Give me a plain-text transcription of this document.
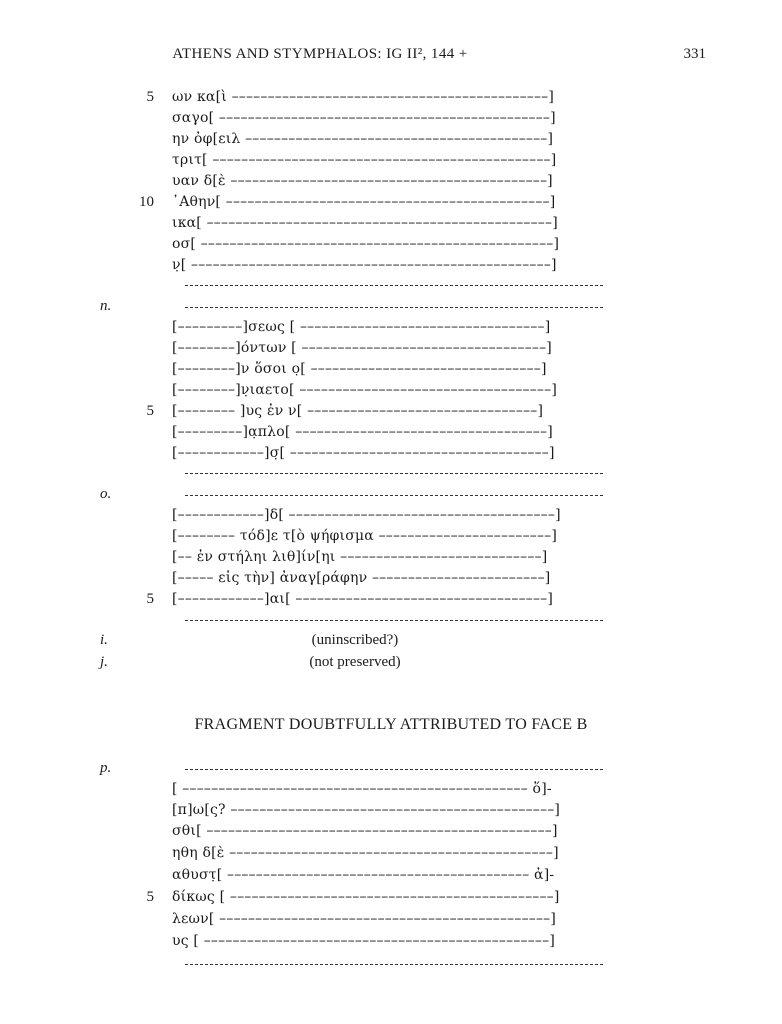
ATHENS AND STYMPHALOS: IG II², 144 +	331
5 ων κα[ὶ ––––––––––––––––––––––––––––––––––––––––––––]
σαγο[ ––––––––––––––––––––––––––––––––––––––––––––––]
ην ὀφ[ειλ ––––––––––––––––––––––––––––––––––––––––––]
τριτ[ –––––––––––––––––––––––––––––––––––––––––––––––]
υαν δ[ὲ ––––––––––––––––––––––––––––––––––––––––––––]
10 ᾿Αθην[ –––––––––––––––––––––––––––––––––––––––––––––]
ικα[ ––––––––––––––––––––––––––––––––––––––––––––––––]
οσ[ –––––––––––––––––––––––––––––––––––––––––––––––––]
ν̣[ ––––––––––––––––––––––––––––––––––––––––––––––––––]
n.
[–––––––––]σεως [ ––––––––––––––––––––––––––––––––––]
[––––––––]όντων [ ––––––––––––––––––––––––––––––––––]
[––––––––]ν ὅσοι ο̣[ ––––––––––––––––––––––––––––––––]
[––––––––]ν̣ιαετο[ –––––––––––––––––––––––––––––––––––]
5 [–––––––– ]υς ἐν ν[ ––––––––––––––––––––––––––––––––]
[–––––––––]α̣πλο[ –––––––––––––––––––––––––––––––––––]
[––––––––––––]σ̣[ ––––––––––––––––––––––––––––––––––––]
o.
[––––––––––––]δ[ –––––––––––––––––––––––––––––––––––––]
[–––––––– τόδ]ε τ[ὸ ψήφισμα ––––––––––––––––––––––––]
[–– ἐν στήληι λιθ]ίν[ηι ––––––––––––––––––––––––––––]
[––––– εἰς τὴν] ἀναγ[ράφην ––––––––––––––––––––––––]
5 [––––––––––––]αι[ –––––––––––––––––––––––––––––––––––]
i.	(uninscribed?)
j.	(not preserved)
FRAGMENT DOUBTFULLY ATTRIBUTED TO FACE B
p.
[ –––––––––––––––––––––––––––––––––––––––––––––––– ὅ]-
[π]ω[ς? –––––––––––––––––––––––––––––––––––––––––––––]
σθι[ ––––––––––––––––––––––––––––––––––––––––––––––––]
ηθη δ[ὲ –––––––––––––––––––––––––––––––––––––––––––––]
αθυστ̣[ –––––––––––––––––––––––––––––––––––––––––– ἀ]-
5 δίκως [ –––––––––––––––––––––––––––––––––––––––––––––]
λεων[ ––––––––––––––––––––––––––––––––––––––––––––––]
υς [ ––––––––––––––––––––––––––––––––––––––––––––––––]
